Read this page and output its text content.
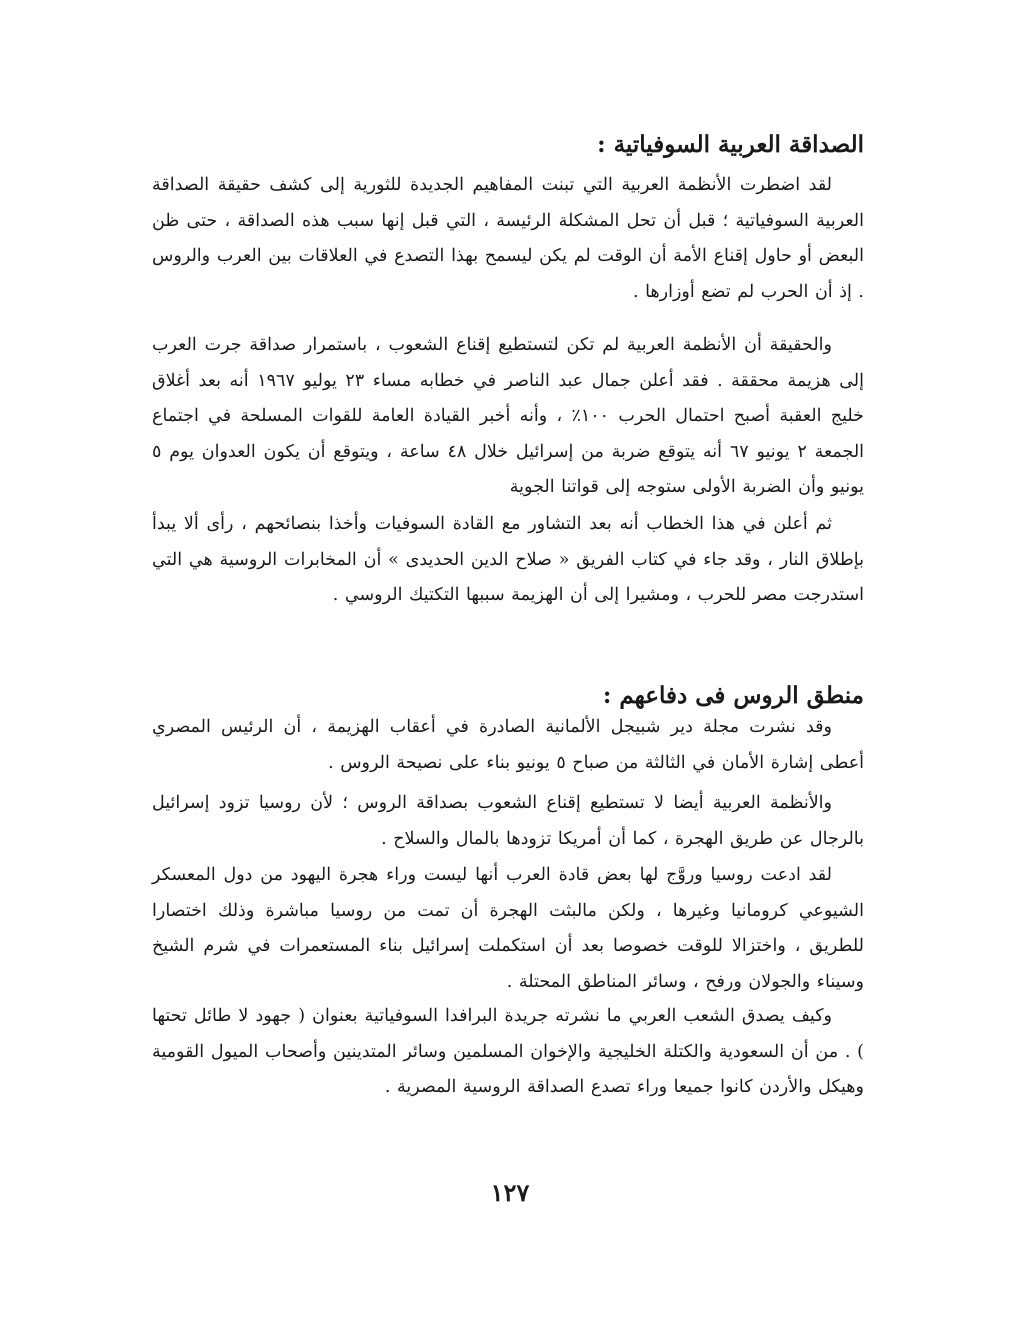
الصداقة العربية السوفياتية :

لقد اضطرت الأنظمة العربية التي تبنت المفاهيم الجديدة للثورية إلى كشف حقيقة الصداقة العربية السوفياتية ؛ قبل أن تحل المشكلة الرئيسة ، التي قبل إنها سبب هذه الصداقة ، حتى ظن البعض أو حاول إقناع الأمة أن الوقت لم يكن ليسمح بهذا التصدع في العلاقات بين العرب والروس . إذ أن الحرب لم تضع أوزارها .

والحقيقة أن الأنظمة العربية لم تكن لتستطيع إقناع الشعوب ، باستمرار صداقة جرت العرب إلى هزيمة محققة . فقد أعلن جمال عبد الناصر في خطابه مساء ٢٣ يوليو ١٩٦٧ أنه بعد أغلاق خليج العقبة أصبح احتمال الحرب ١٠٠٪ ، وأنه أخبر القيادة العامة للقوات المسلحة في اجتماع الجمعة ٢ يونيو ٦٧ أنه يتوقع ضربة من إسرائيل خلال ٤٨ ساعة ، ويتوقع أن يكون العدوان يوم ٥ يونيو وأن الضربة الأولى ستوجه إلى قواتنا الجوية

ثم أعلن في هذا الخطاب أنه بعد التشاور مع القادة السوفيات وأخذا بنصائحهم ، رأى ألا يبدأ بإطلاق النار ، وقد جاء في كتاب الفريق « صلاح الدين الحديدى » أن المخابرات الروسية هي التي استدرجت مصر للحرب ، ومشيرا إلى أن الهزيمة سببها التكتيك الروسي .

منطق الروس فى دفاعهم :

وقد نشرت مجلة دير شبيجل الألمانية الصادرة في أعقاب الهزيمة ، أن الرئيس المصري أعطى إشارة الأمان في الثالثة من صباح ٥ يونيو بناء على نصيحة الروس .

والأنظمة العربية أيضا لا تستطيع إقناع الشعوب بصداقة الروس ؛ لأن روسيا تزود إسرائيل بالرجال عن طريق الهجرة ، كما أن أمريكا تزودها بالمال والسلاح .

لقد ادعت روسيا وروَّج لها بعض قادة العرب أنها ليست وراء هجرة اليهود من دول المعسكر الشيوعي كرومانيا وغيرها ، ولكن مالبثت الهجرة أن تمت من روسيا مباشرة وذلك اختصارا للطريق ، واختزالا للوقت خصوصا بعد أن استكملت إسرائيل بناء المستعمرات في شرم الشيخ وسيناء والجولان ورفح ، وسائر المناطق المحتلة .

وكيف يصدق الشعب العربي ما نشرته جريدة البرافدا السوفياتية بعنوان ( جهود لا طائل تحتها ) . من أن السعودية والكتلة الخليجية والإخوان المسلمين وسائر المتدينين وأصحاب الميول القومية وهيكل والأردن كانوا جميعا وراء تصدع الصداقة الروسية المصرية .

١٢٧
